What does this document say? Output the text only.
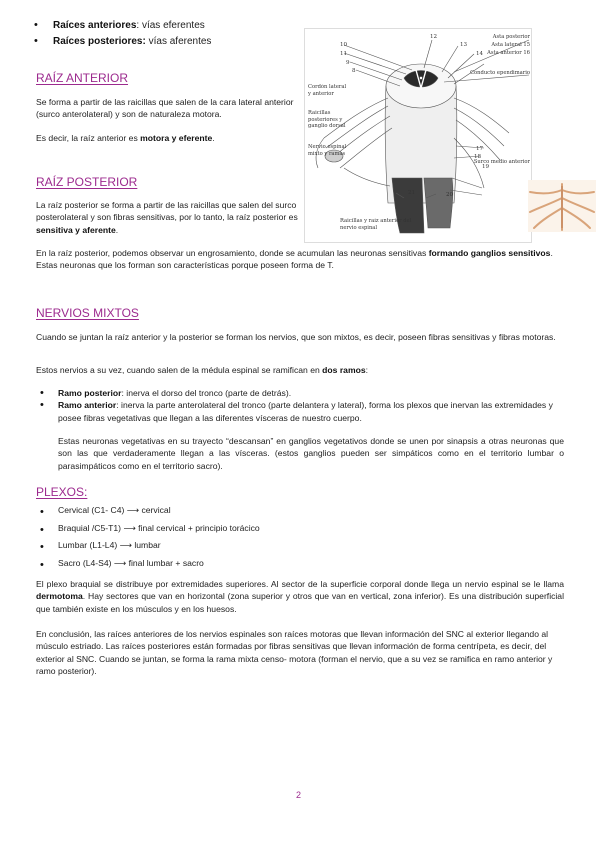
• Raíces anteriores: vías eferentes
• Raíces posteriores: vías aferentes
RAÍZ ANTERIOR

Se forma a partir de las raicillas que salen de la cara lateral anterior (surco anterolateral) y son de naturaleza motora.

Es decir, la raíz anterior es motora y eferente.

RAÍZ POSTERIOR

La raíz posterior se forma a partir de las raicillas que salen del surco posterolateral y son fibras sensitivas, por lo tanto, la raíz posterior es sensitiva y aferente.

En la raíz posterior, podemos observar un engrosamiento, donde se acumulan las neuronas sensitivas formando ganglios sensitivos. Estas neuronas que los forman son características porque poseen forma de T.

10
11
9
8
12
13
14
17
18
19
21	20
Asta posterior
Asta lateral 15
Asta anterior 16
Conducto ependimario
Surco medio anterior
Cordón lateral y anterior
Raicillas posteriores y ganglio dorsal
Nervio espinal mixto y ramas
Raicillas y raíz anterior del nervio espinal
NERVIOS MIXTOS

Cuando se juntan la raíz anterior y la posterior se forman los nervios, que son mixtos, es decir, poseen fibras sensitivas y fibras motoras.

Estos nervios a su vez, cuando salen de la médula espinal se ramifican en dos ramos:

• Ramo posterior: inerva el dorso del tronco (parte de detrás).
• Ramo anterior: inerva la parte anterolateral del tronco (parte delantera y lateral), forma los plexos que inervan las extremidades y posee fibras vegetativas que llegan a las diferentes vísceras de nuestro cuerpo.

Estas neuronas vegetativas en su trayecto “descansan” en ganglios vegetativos donde se unen por sinapsis a otras neuronas que son las que verdaderamente llegan a las vísceras. (estos ganglios pueden ser simpáticos como en el territorio lumbar o parasimpáticos como en el territorio sacro).

PLEXOS:
• Cervical (C1- C4) ⟶ cervical
• Braquial /C5-T1) ⟶ final cervical + principio torácico
• Lumbar (L1-L4) ⟶ lumbar
• Sacro (L4-S4) ⟶ final lumbar + sacro

El plexo braquial se distribuye por extremidades superiores. Al sector de la superficie corporal donde llega un nervio espinal se le llama dermotoma. Hay sectores que van en horizontal (zona superior y otros que van en vertical, zona inferior). Es una distribución superficial que también existe en los músculos y en los huesos.

En conclusión, las raíces anteriores de los nervios espinales son raíces motoras que llevan información del SNC al exterior llegando al músculo estriado. Las raíces posteriores están formadas por fibras sensitivas que llevan información de forma centrípeta, es decir, del exterior al SNC. Cuando se juntan, se forma la rama mixta censo- motora (forman el nervio, que a su vez se ramifica en ramo anterior y ramo posterior).

2
